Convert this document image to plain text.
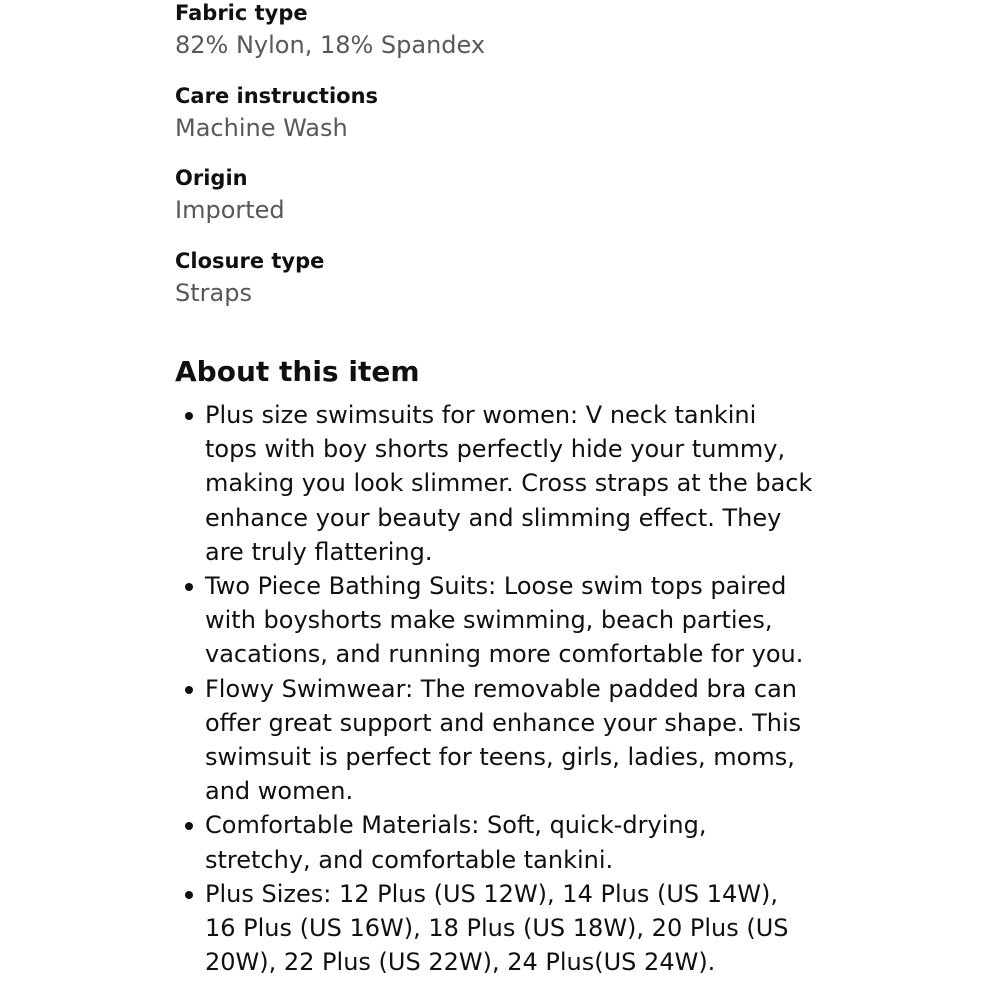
Fabric type
82% Nylon, 18% Spandex
Care instructions
Machine Wash
Origin
Imported
Closure type
Straps
About this item
Plus size swimsuits for women: V neck tankini
tops with boy shorts perfectly hide your tummy,
making you look slimmer. Cross straps at the back
enhance your beauty and slimming effect. They
are truly flattering.
Two Piece Bathing Suits: Loose swim tops paired
with boyshorts make swimming, beach parties,
vacations, and running more comfortable for you.
Flowy Swimwear: The removable padded bra can
offer great support and enhance your shape. This
swimsuit is perfect for teens, girls, ladies, moms,
and women.
Comfortable Materials: Soft, quick-drying,
stretchy, and comfortable tankini.
Plus Sizes: 12 Plus (US 12W), 14 Plus (US 14W),
16 Plus (US 16W), 18 Plus (US 18W), 20 Plus (US
20W), 22 Plus (US 22W), 24 Plus(US 24W).
